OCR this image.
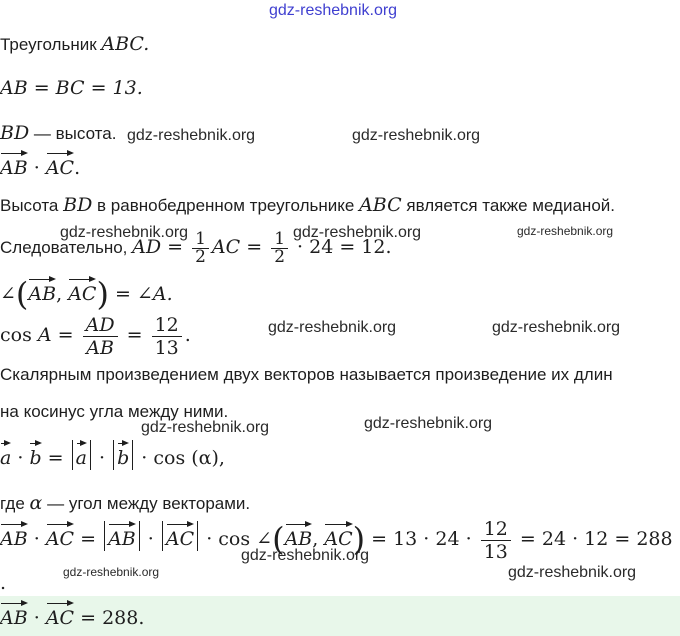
gdz-reshebnik.org
gdz-reshebnik.org	gdz-reshebnik.org
gdz-reshebnik.org	gdz-reshebnik.org	gdz-reshebnik.org
gdz-reshebnik.org	gdz-reshebnik.org
gdz-reshebnik.org	gdz-reshebnik.org
gdz-reshebnik.org
gdz-reshebnik.org	gdz-reshebnik.org
Треугольник ABC.
AB = BC = 13.
BD — высота.
AB · AC.
Высота BD в равнобедренном треугольнике ABC является также медианой.
Следовательно, AD = $\frac{1}{2}$ AC = $\frac{1}{2} \cdot 24 = 12$.
∠(AB, AC) = ∠A.
$\cos A = \frac{AD}{AB} = \frac{12}{13}$ .
Скалярным произведением двух векторов называется произведение их длин
на косинус угла между ними.
a · b = a · b · cos (α),
где α — угол между векторами.
AB · AC = AB · AC · cos ∠(AB, $AC) = 13 \cdot 24 \cdot \frac{12}{13} = 24 \cdot 12 = 288$
.
AB · AC = 288.
